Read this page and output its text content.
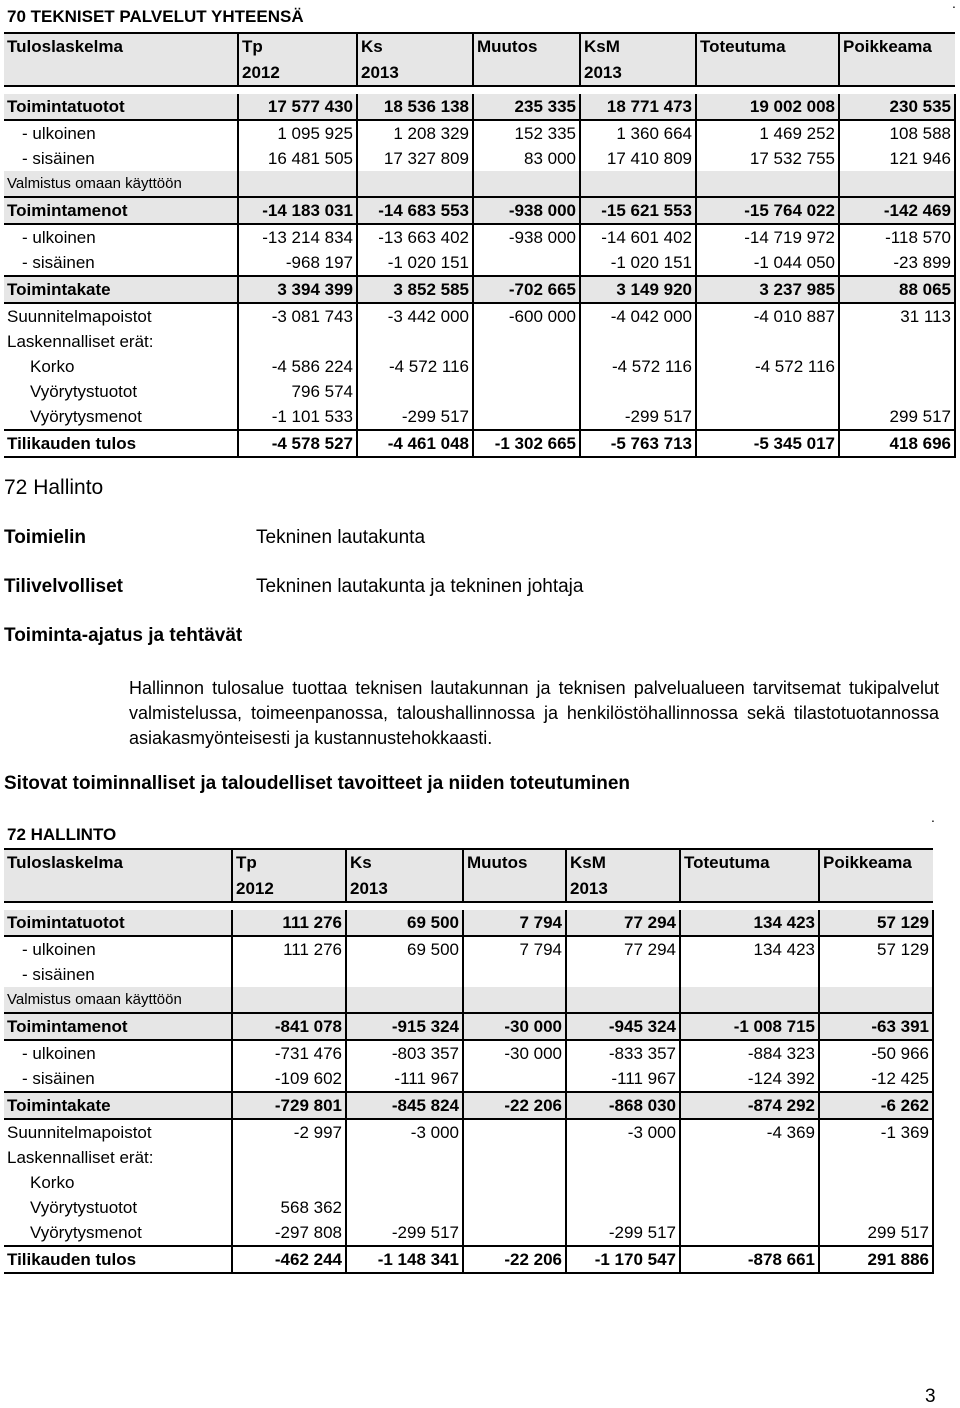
.
.
70 TEKNISET PALVELUT YHTEENSÄ
Tuloslaskelma	Tp	Ks	Muutos	KsM	Toteutuma	Poikkeama
	2012	2013		2013		

Toimintatuotot	17 577 430	18 536 138	235 335	18 771 473	19 002 008	230 535
- ulkoinen	1 095 925	1 208 329	152 335	1 360 664	1 469 252	108 588
- sisäinen	16 481 505	17 327 809	83 000	17 410 809	17 532 755	121 946
Valmistus omaan käyttöön						
Toimintamenot	-14 183 031	-14 683 553	-938 000	-15 621 553	-15 764 022	-142 469
- ulkoinen	-13 214 834	-13 663 402	-938 000	-14 601 402	-14 719 972	-118 570
- sisäinen	-968 197	-1 020 151		-1 020 151	-1 044 050	-23 899
Toimintakate	3 394 399	3 852 585	-702 665	3 149 920	3 237 985	88 065
Suunnitelmapoistot	-3 081 743	-3 442 000	-600 000	-4 042 000	-4 010 887	31 113
Laskennalliset erät:						
Korko	-4 586 224	-4 572 116		-4 572 116	-4 572 116	
Vyörytystuotot	796 574					
Vyörytysmenot	-1 101 533	-299 517		-299 517		299 517
Tilikauden tulos	-4 578 527	-4 461 048	-1 302 665	-5 763 713	-5 345 017	418 696
72 Hallinto
Toimielin	Tekninen lautakunta
Tilivelvolliset	Tekninen lautakunta ja tekninen johtaja
Toiminta-ajatus ja tehtävät
Hallinnon tulosalue tuottaa teknisen lautakunnan ja teknisen palvelualueen tarvitsemat tukipalvelut valmistelussa, toimeenpanossa, taloushallinnossa ja henkilöstöhallinnossa sekä tilastotuotannossa asiakasmyönteisesti ja kustannustehokkaasti.
Sitovat toiminnalliset ja taloudelliset tavoitteet ja niiden toteutuminen
72 HALLINTO
Tuloslaskelma	Tp	Ks	Muutos	KsM	Toteutuma	Poikkeama
	2012	2013		2013		

Toimintatuotot	111 276	69 500	7 794	77 294	134 423	57 129
- ulkoinen	111 276	69 500	7 794	77 294	134 423	57 129
- sisäinen						
Valmistus omaan käyttöön						
Toimintamenot	-841 078	-915 324	-30 000	-945 324	-1 008 715	-63 391
- ulkoinen	-731 476	-803 357	-30 000	-833 357	-884 323	-50 966
- sisäinen	-109 602	-111 967		-111 967	-124 392	-12 425
Toimintakate	-729 801	-845 824	-22 206	-868 030	-874 292	-6 262
Suunnitelmapoistot	-2 997	-3 000		-3 000	-4 369	-1 369
Laskennalliset erät:						
Korko						
Vyörytystuotot	568 362					
Vyörytysmenot	-297 808	-299 517		-299 517		299 517
Tilikauden tulos	-462 244	-1 148 341	-22 206	-1 170 547	-878 661	291 886
3
